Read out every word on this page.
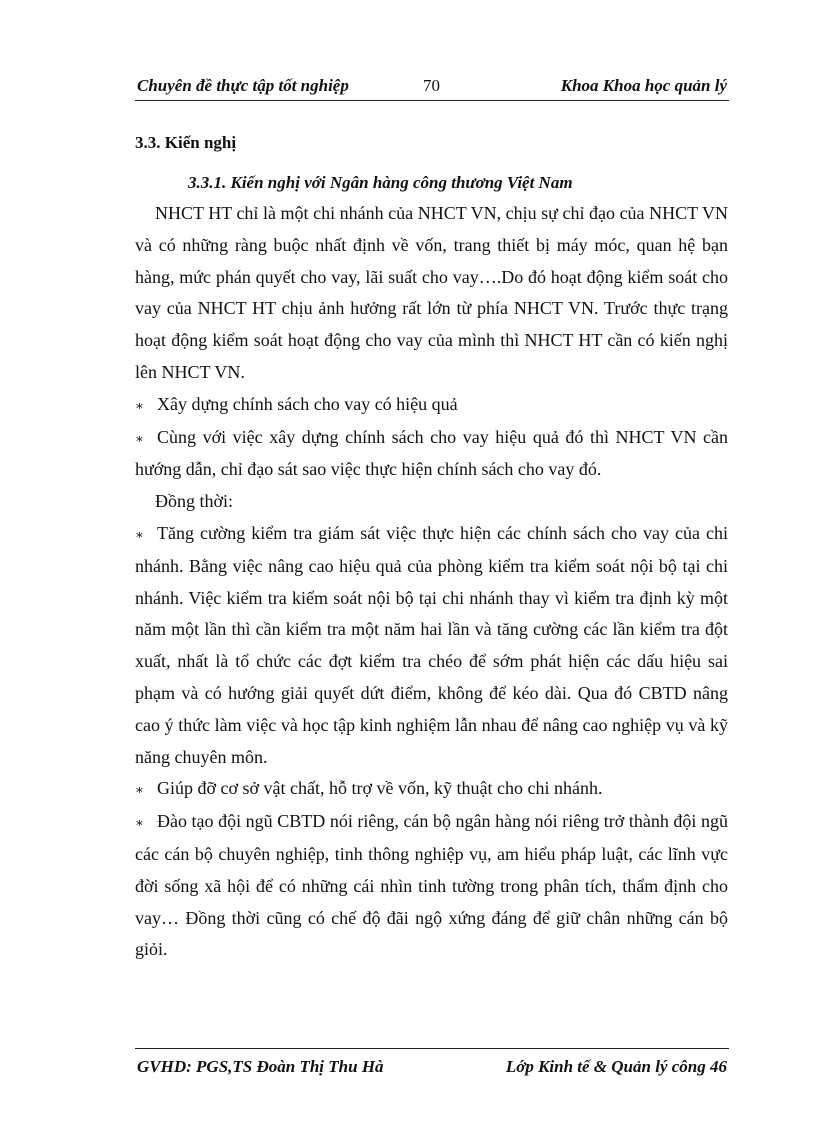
Chuyên đề thực tập tốt nghiệp	70	Khoa Khoa học quản lý
3.3. Kiến nghị
3.3.1. Kiến nghị với Ngân hàng công thương Việt Nam

NHCT HT chỉ là một chi nhánh của NHCT VN, chịu sự chỉ đạo của NHCT VN và có những ràng buộc nhất định về vốn, trang thiết bị máy móc, quan hệ bạn hàng, mức phán quyết cho vay, lãi suất cho vay….Do đó hoạt động kiểm soát cho vay của NHCT HT chịu ảnh hưởng rất lớn từ phía NHCT VN. Trước thực trạng hoạt động kiểm soát hoạt động cho vay của mình thì NHCT HT cần có kiến nghị lên NHCT VN.

∗ Xây dựng chính sách cho vay có hiệu quả

∗ Cùng với việc xây dựng chính sách cho vay hiệu quả đó thì NHCT VN cần hướng dẫn, chỉ đạo sát sao việc thực hiện chính sách cho vay đó.

Đồng thời:

∗ Tăng cường kiểm tra giám sát việc thực hiện các chính sách cho vay của chi nhánh. Bằng việc nâng cao hiệu quả của phòng kiểm tra kiểm soát nội bộ tại chi nhánh. Việc kiểm tra kiểm soát nội bộ tại chi nhánh thay vì kiểm tra định kỳ một năm một lần thì cần kiểm tra một năm hai lần và tăng cường các lần kiểm tra đột xuất, nhất là tổ chức các đợt kiểm tra chéo để sớm phát hiện các dấu hiệu sai phạm và có hướng giải quyết dứt điểm, không để kéo dài. Qua đó CBTD nâng cao ý thức làm việc và học tập kinh nghiệm lẫn nhau để nâng cao nghiệp vụ và kỹ năng chuyên môn.

∗ Giúp đỡ cơ sở vật chất, hỗ trợ về vốn, kỹ thuật cho chi nhánh.

∗ Đào tạo đội ngũ CBTD nói riêng, cán bộ ngân hàng nói riêng trở thành đội ngũ các cán bộ chuyên nghiệp, tinh thông nghiệp vụ, am hiểu pháp luật, các lĩnh vực đời sống xã hội để có những cái nhìn tinh tường trong phân tích, thẩm định cho vay… Đồng thời cũng có chế độ đãi ngộ xứng đáng để giữ chân những cán bộ giỏi.

GVHD: PGS,TS Đoàn Thị Thu Hà	Lớp Kinh tế & Quản lý công 46
